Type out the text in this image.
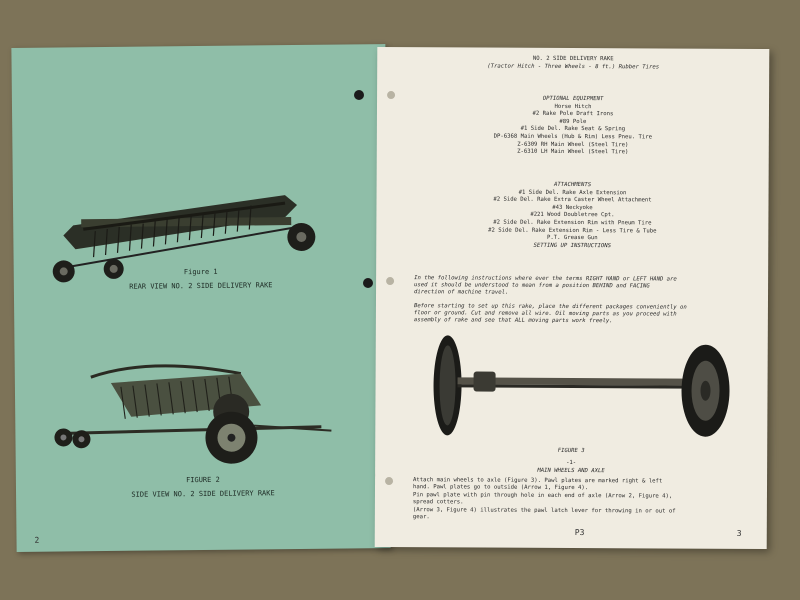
Figure 1
REAR VIEW NO. 2 SIDE DELIVERY RAKE
FIGURE 2
SIDE VIEW NO. 2 SIDE DELIVERY RAKE
2
NO. 2 SIDE DELIVERY RAKE
(Tractor Hitch - Three Wheels - 8 ft.) Rubber Tires
OPTIONAL EQUIPMENT
Horse Hitch
#2 Rake Pole Draft Irons
#89 Pole
#1 Side Del. Rake Seat & Spring
DP-6368 Main Wheels (Hub & Rim) Less Pneu. Tire
Z-6309 RH Main Wheel (Steel Tire)
Z-6310 LH Main Wheel (Steel Tire)
ATTACHMENTS
#1 Side Del. Rake Axle Extension
#2 Side Del. Rake Extra Caster Wheel Attachment
#43 Neckyoke
#221 Wood Doubletree Cpt.
#2 Side Del. Rake Extension Rim with Pneum Tire
#2 Side Del. Rake Extension Rim - Less Tire & Tube
P.T. Grease Gun
SETTING UP INSTRUCTIONS
In the following instructions where ever the terms RIGHT HAND or LEFT HAND are
used it should be understood to mean from a position BEHIND and FACING
direction of machine travel.
Before starting to set up this rake, place the different packages conveniently on
floor or ground. Cut and remove all wire. Oil moving parts as you proceed with
assembly of rake and see that ALL moving parts work freely.
FIGURE 3
-1-
MAIN WHEELS AND AXLE
Attach main wheels to axle (Figure 3). Pawl plates are marked right & left
hand. Pawl plates go to outside (Arrow 1, Figure 4).
Pin pawl plate with pin through hole in each end of axle (Arrow 2, Figure 4),
spread cotters.
(Arrow 3, Figure 4) illustrates the pawl latch lever for throwing in or out of
gear.
P3	3
